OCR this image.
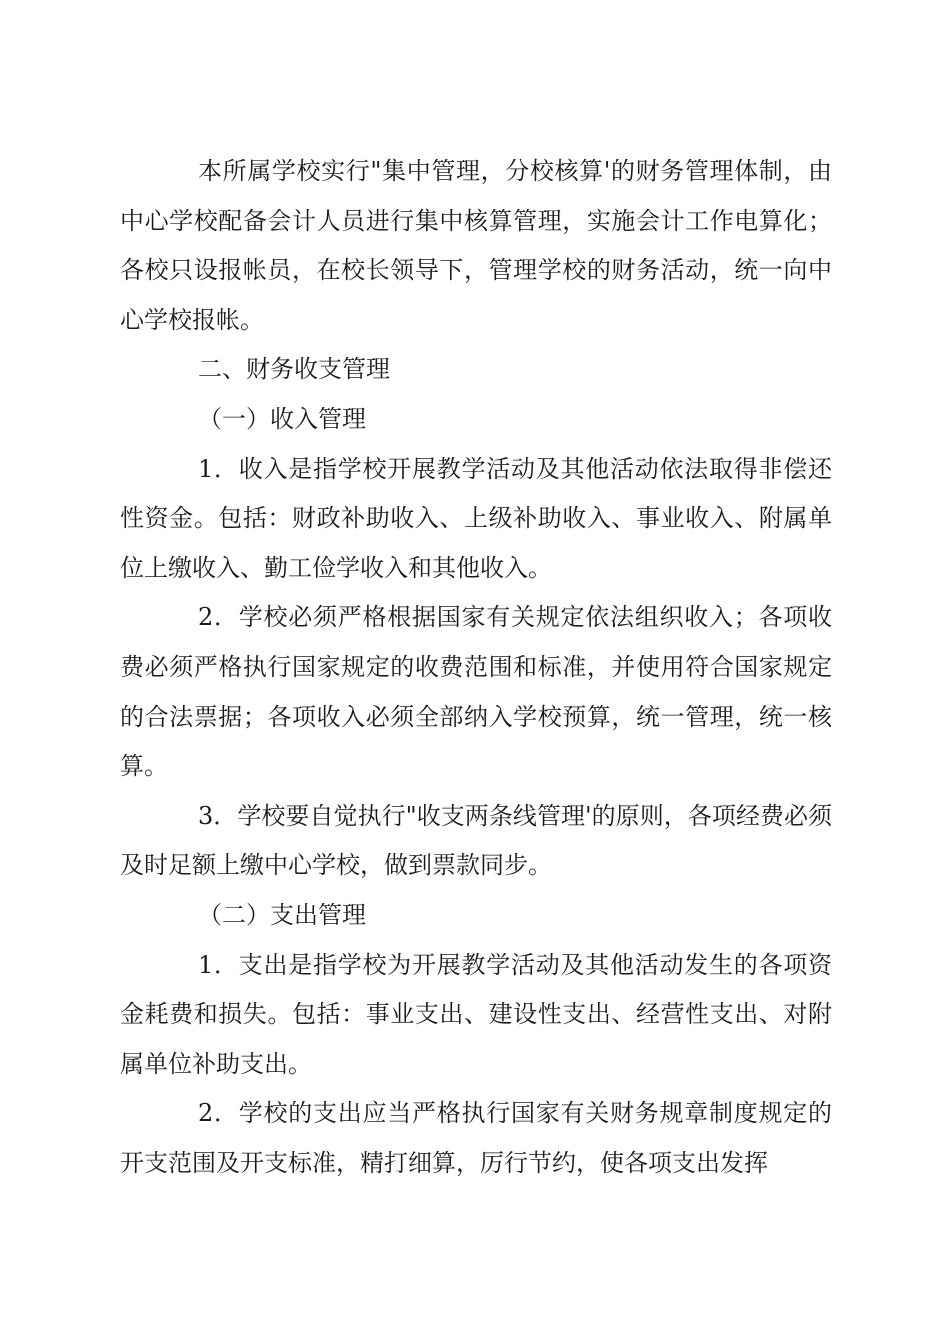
本所属学校实行"集中管理，分校核算'的财务管理体制，由中心学校配备会计人员进行集中核算管理，实施会计工作电算化；各校只设报帐员，在校长领导下，管理学校的财务活动，统一向中心学校报帐。

二、财务收支管理

（一）收入管理

1．收入是指学校开展教学活动及其他活动依法取得非偿还性资金。包括：财政补助收入、上级补助收入、事业收入、附属单位上缴收入、勤工俭学收入和其他收入。

2．学校必须严格根据国家有关规定依法组织收入；各项收费必须严格执行国家规定的收费范围和标准，并使用符合国家规定的合法票据；各项收入必须全部纳入学校预算，统一管理，统一核算。

3．学校要自觉执行"收支两条线管理'的原则，各项经费必须及时足额上缴中心学校，做到票款同步。

（二）支出管理

1．支出是指学校为开展教学活动及其他活动发生的各项资金耗费和损失。包括：事业支出、建设性支出、经营性支出、对附属单位补助支出。

2．学校的支出应当严格执行国家有关财务规章制度规定的开支范围及开支标准，精打细算，厉行节约，使各项支出发挥
